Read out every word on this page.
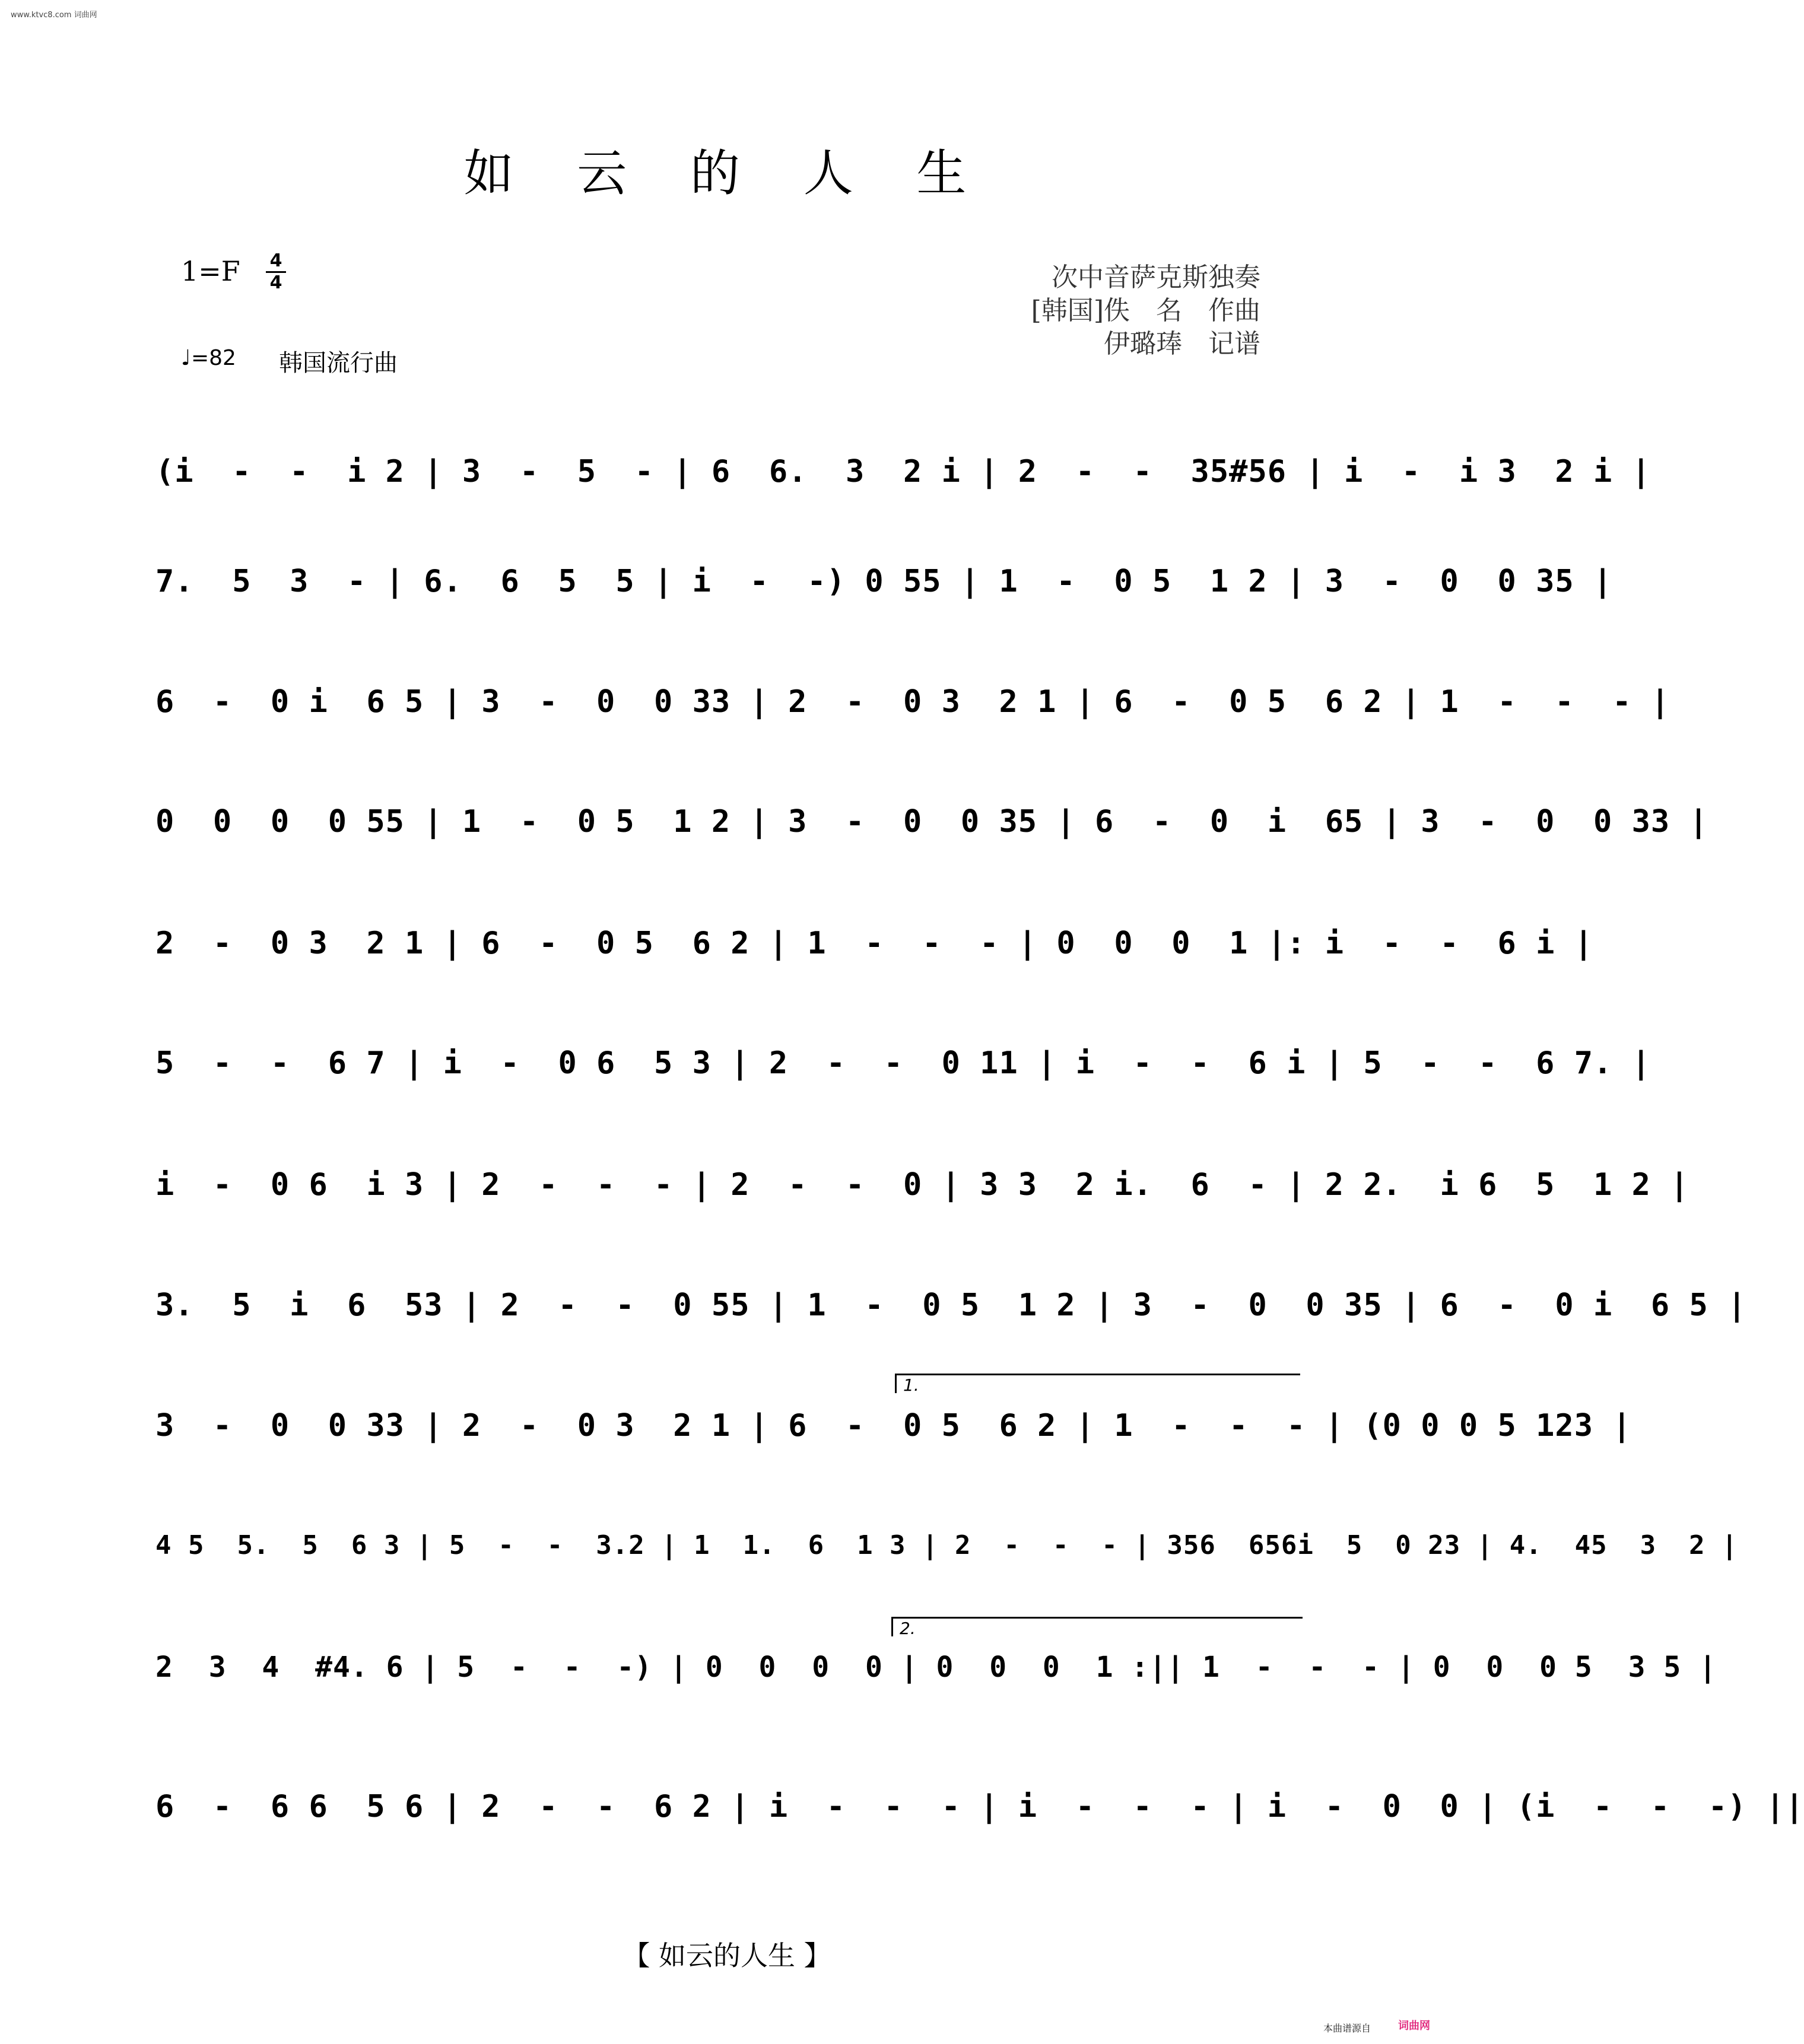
www.ktvc8.com 词曲网
如 云 的 人 生
1=F 4
4
♩=82 韩国流行曲
次中音萨克斯独奏
[韩国]佚　名　作曲
伊璐琫　记谱
(i  -  -  i 2 | 3  -  5  - | 6  6.  3  2 i | 2  -  -  35#56 | i  -  i 3  2 i |
7.  5  3  - | 6.  6  5  5 | i  -  -) 0 55 | 1  -  0 5  1 2 | 3  -  0  0 35 |
6  -  0 i  6 5 | 3  -  0  0 33 | 2  -  0 3  2 1 | 6  -  0 5  6 2 | 1  -  -  - |
0  0  0  0 55 | 1  -  0 5  1 2 | 3  -  0  0 35 | 6  -  0  i  65 | 3  -  0  0 33 |
2  -  0 3  2 1 | 6  -  0 5  6 2 | 1  -  -  - | 0  0  0  1 |: i  -  -  6 i |
5  -  -  6 7 | i  -  0 6  5 3 | 2  -  -  0 11 | i  -  -  6 i | 5  -  -  6 7. |
i  -  0 6  i 3 | 2  -  -  - | 2  -  -  0 | 3 3  2 i.  6  - | 2 2.  i 6  5  1 2 |
3.  5  i  6  53 | 2  -  -  0 55 | 1  -  0 5  1 2 | 3  -  0  0 35 | 6  -  0 i  6 5 |
3  -  0  0 33 | 2  -  0 3  2 1 | 6  -  0 5  6 2 | 1  -  -  - | (0 0 0 5 123 |
4 5  5.  5  6 3 | 5  -  -  3.2 | 1  1.  6  1 3 | 2  -  -  - | 356  656i  5  0 23 | 4.  45  3  2 |
2  3  4  #4. 6 | 5  -  -  -) | 0  0  0  0 | 0  0  0  1 :|| 1  -  -  - | 0  0  0 5  3 5 |
6  -  6 6  5 6 | 2  -  -  6 2 | i  -  -  - | i  -  -  - | i  -  0  0 | (i  -  -  -) ||
1.
2.
【 如云的人生 】
本曲谱源自	词曲网
